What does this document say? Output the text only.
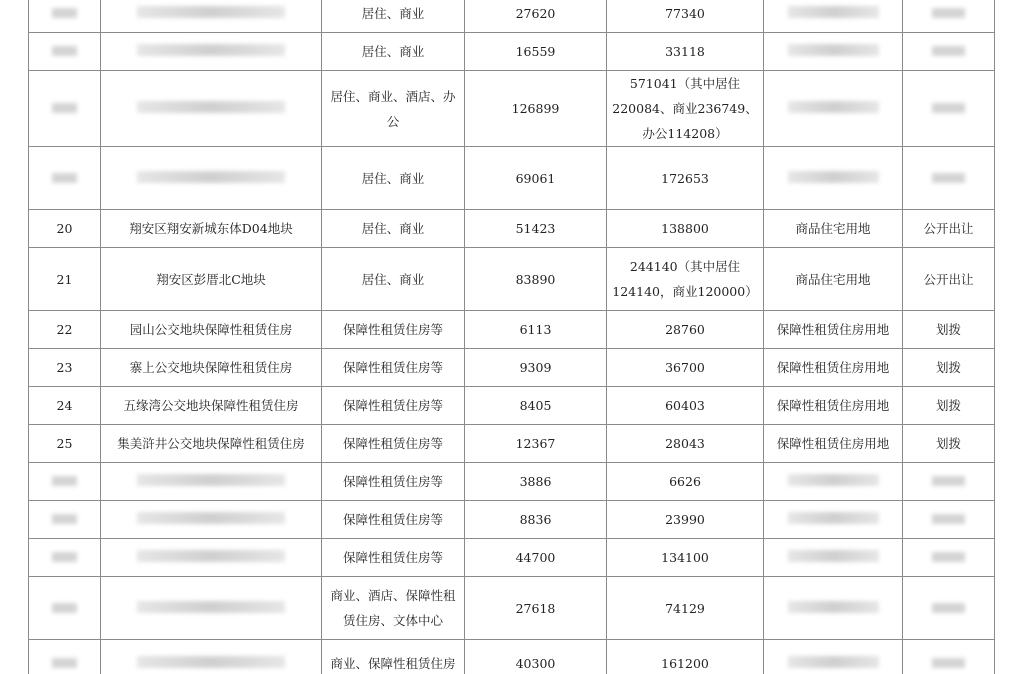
		居住、商业	27620	77340		
		居住、商业	16559	33118		
		居住、商业、酒店、办公	126899	571041（其中居住220084、商业236749、办公114208）		
		居住、商业	69061	172653		
20	翔安区翔安新城东体D04地块	居住、商业	51423	138800	商品住宅用地	公开出让
21	翔安区彭厝北C地块	居住、商业	83890	244140（其中居住124140，商业120000）	商品住宅用地	公开出让
22	园山公交地块保障性租赁住房	保障性租赁住房等	6113	28760	保障性租赁住房用地	划拨
23	寨上公交地块保障性租赁住房	保障性租赁住房等	9309	36700	保障性租赁住房用地	划拨
24	五缘湾公交地块保障性租赁住房	保障性租赁住房等	8405	60403	保障性租赁住房用地	划拨
25	集美浒井公交地块保障性租赁住房	保障性租赁住房等	12367	28043	保障性租赁住房用地	划拨
		保障性租赁住房等	3886	6626		
		保障性租赁住房等	8836	23990		
		保障性租赁住房等	44700	134100		
		商业、酒店、保障性租赁住房、文体中心	27618	74129		
		商业、保障性租赁住房	40300	161200		
